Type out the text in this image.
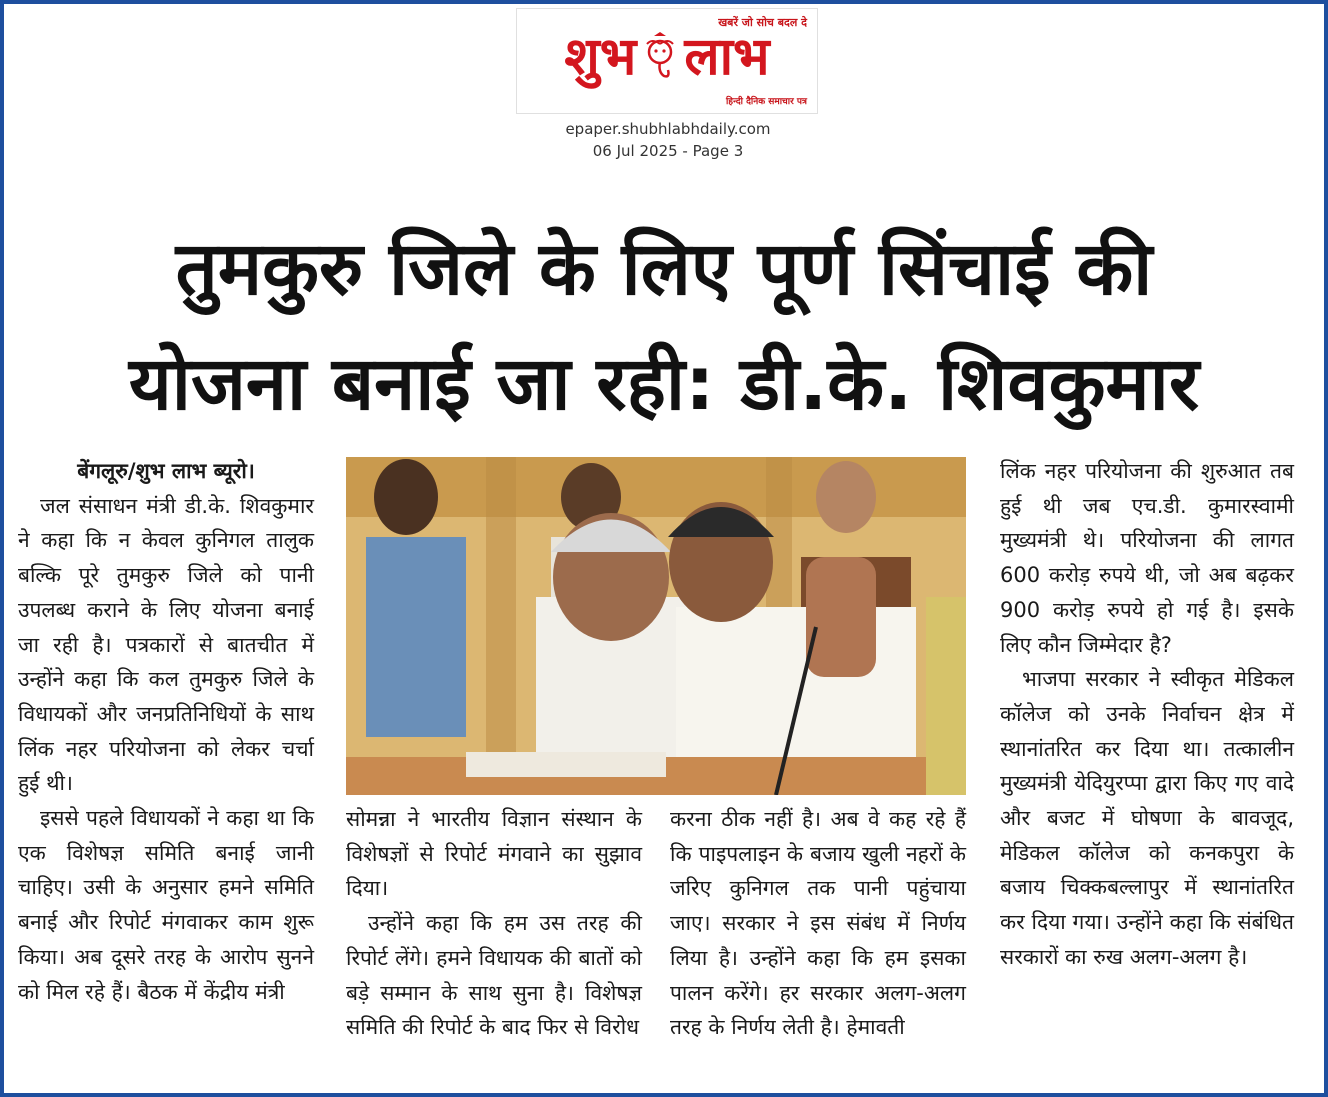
खबरें जो सोच बदल दे
शुभ लाभ
हिन्दी दैनिक समाचार पत्र
epaper.shubhlabhdaily.com
06 Jul 2025 - Page 3
तुमकुरु जिले के लिए पूर्ण सिंचाई की
योजना बनाई जा रही: डी.के. शिवकुमार

बेंगलूरु/शुभ लाभ ब्यूरो।

जल संसाधन मंत्री डी.के. शिवकुमार ने कहा कि न केवल कुनिगल तालुक बल्कि पूरे तुमकुरु जिले को पानी उपलब्ध कराने के लिए योजना बनाई जा रही है। पत्रकारों से बातचीत में उन्होंने कहा कि कल तुमकुरु जिले के विधायकों और जनप्रतिनिधियों के साथ लिंक नहर परियोजना को लेकर चर्चा हुई थी।

इससे पहले विधायकों ने कहा था कि एक विशेषज्ञ समिति बनाई जानी चाहिए। उसी के अनुसार हमने समिति बनाई और रिपोर्ट मंगवाकर काम शुरू किया। अब दूसरे तरह के आरोप सुनने को मिल रहे हैं। बैठक में केंद्रीय मंत्री

सोमन्ना ने भारतीय विज्ञान संस्थान के विशेषज्ञों से रिपोर्ट मंगवाने का सुझाव दिया।

उन्होंने कहा कि हम उस तरह की रिपोर्ट लेंगे। हमने विधायक की बातों को बड़े सम्मान के साथ सुना है। विशेषज्ञ समिति की रिपोर्ट के बाद फिर से विरोध

करना ठीक नहीं है। अब वे कह रहे हैं कि पाइपलाइन के बजाय खुली नहरों के जरिए कुनिगल तक पानी पहुंचाया जाए। सरकार ने इस संबंध में निर्णय लिया है। उन्होंने कहा कि हम इसका पालन करेंगे। हर सरकार अलग-अलग तरह के निर्णय लेती है। हेमावती

लिंक नहर परियोजना की शुरुआत तब हुई थी जब एच.डी. कुमारस्वामी मुख्यमंत्री थे। परियोजना की लागत 600 करोड़ रुपये थी, जो अब बढ़कर 900 करोड़ रुपये हो गई है। इसके लिए कौन जिम्मेदार है?

भाजपा सरकार ने स्वीकृत मेडिकल कॉलेज को उनके निर्वाचन क्षेत्र में स्थानांतरित कर दिया था। तत्कालीन मुख्यमंत्री येदियुरप्पा द्वारा किए गए वादे और बजट में घोषणा के बावजूद, मेडिकल कॉलेज को कनकपुरा के बजाय चिक्कबल्लापुर में स्थानांतरित कर दिया गया। उन्होंने कहा कि संबंधित सरकारों का रुख अलग-अलग है।
